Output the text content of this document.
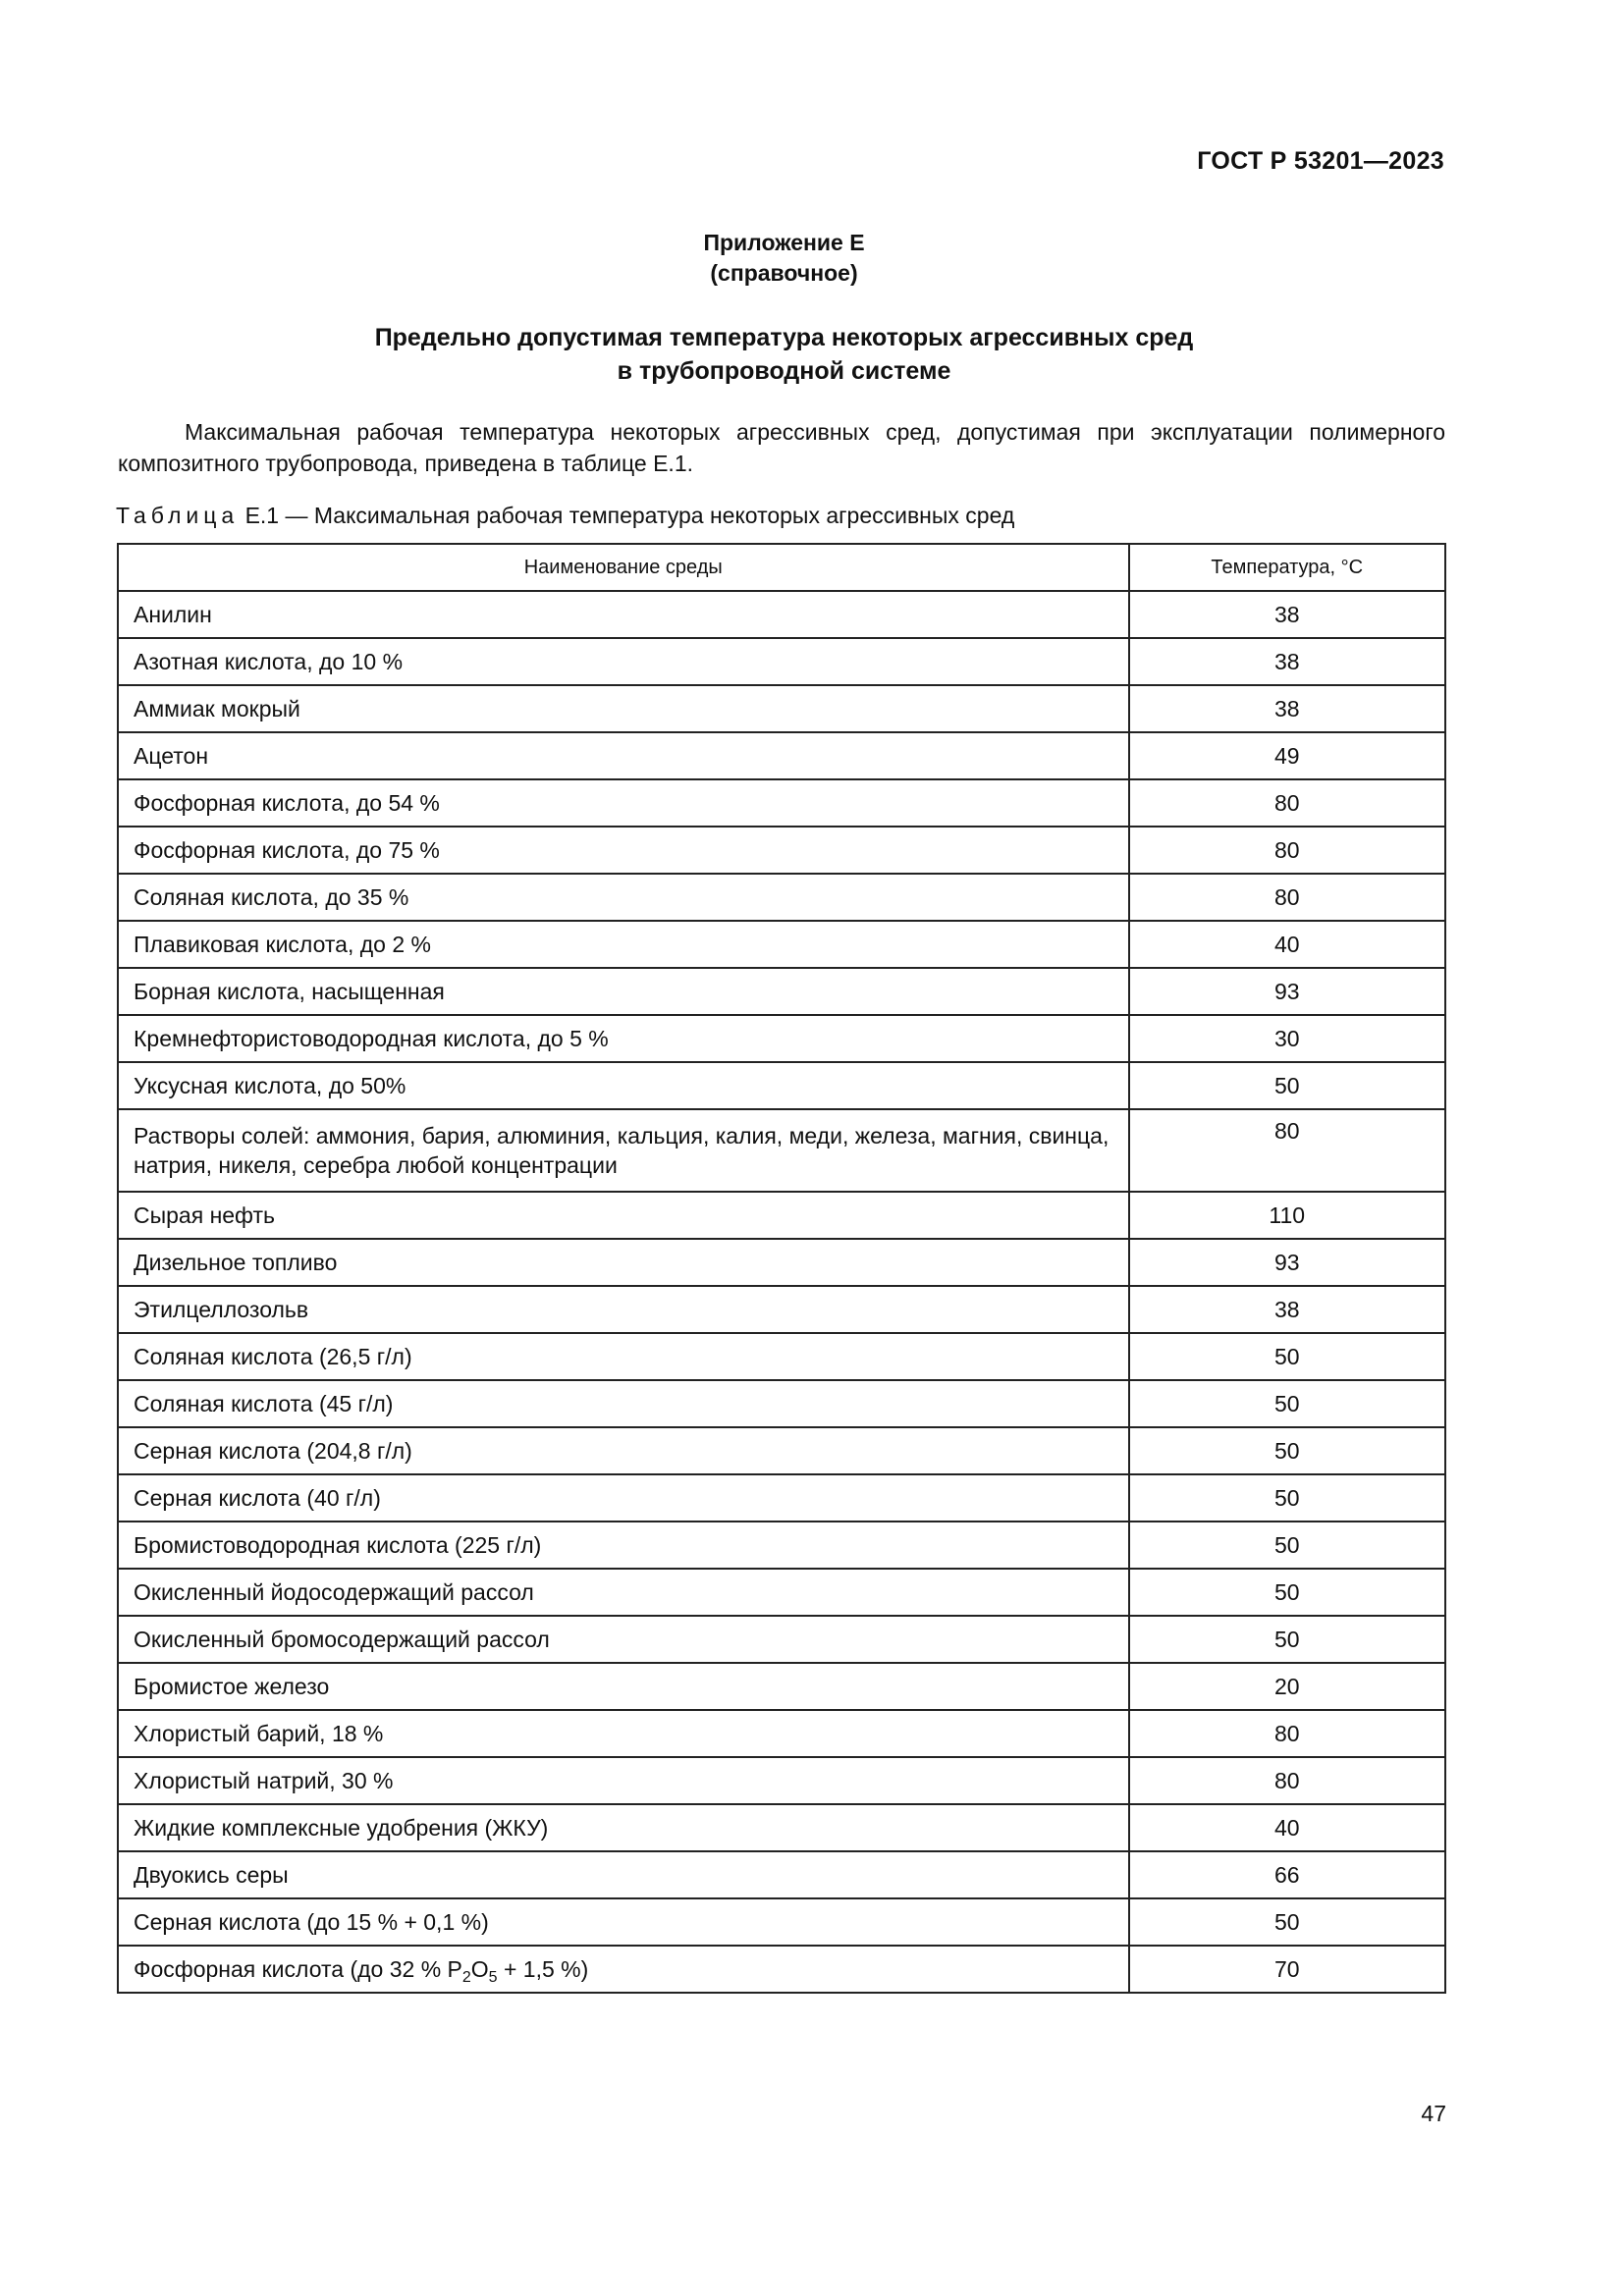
ГОСТ Р 53201—2023
Приложение Е
(справочное)
Предельно допустимая температура некоторых агрессивных сред
в трубопроводной системе
Максимальная рабочая температура некоторых агрессивных сред, допустимая при эксплуатации полимерного композитного трубопровода, приведена в таблице Е.1.
Таблица Е.1 — Максимальная рабочая температура некоторых агрессивных сред
Наименование среды	Температура, °С
Анилин	38
Азотная кислота, до 10 %	38
Аммиак мокрый	38
Ацетон	49
Фосфорная кислота, до 54 %	80
Фосфорная кислота, до 75 %	80
Соляная кислота, до 35 %	80
Плавиковая кислота, до 2 %	40
Борная кислота, насыщенная	93
Кремнефтористоводородная кислота, до 5 %	30
Уксусная кислота, до 50%	50
Растворы солей: аммония, бария, алюминия, кальция, калия, меди, железа, магния, свинца, натрия, никеля, серебра любой концентрации	80
Сырая нефть	110
Дизельное топливо	93
Этилцеллозольв	38
Соляная кислота (26,5 г/л)	50
Соляная кислота (45 г/л)	50
Серная кислота (204,8 г/л)	50
Серная кислота (40 г/л)	50
Бромистоводородная кислота (225 г/л)	50
Окисленный йодосодержащий рассол	50
Окисленный бромосодержащий рассол	50
Бромистое железо	20
Хлористый барий, 18 %	80
Хлористый натрий, 30 %	80
Жидкие комплексные удобрения (ЖКУ)	40
Двуокись серы	66
Серная кислота (до 15 % + 0,1 %)	50
Фосфорная кислота (до 32 % $P_2O_5 + 1,5$ %)	70
47
